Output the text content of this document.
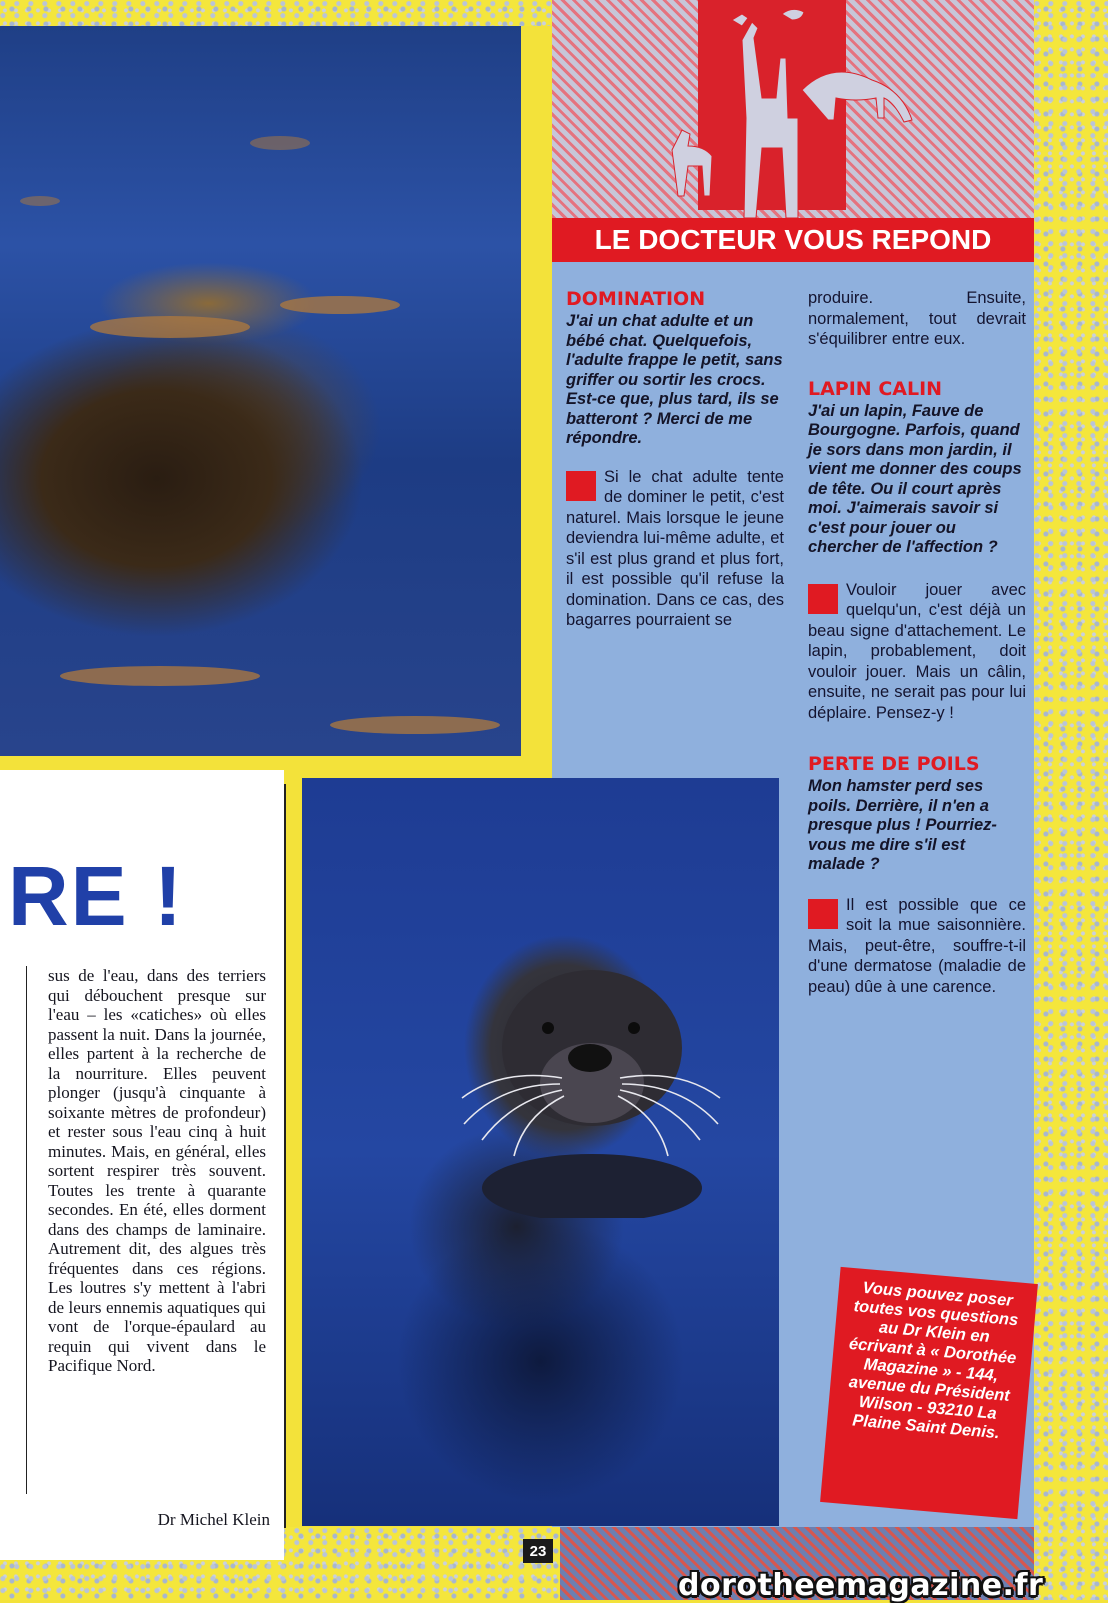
LE DOCTEUR VOUS REPOND

DOMINATION

J'ai un chat adulte et un bébé chat. Quelquefois, l'adulte frappe le petit, sans griffer ou sortir les crocs. Est-ce que, plus tard, ils se batteront ? Merci de me répondre.

Si le chat adulte tente de dominer le petit, c'est naturel. Mais lorsque le jeune deviendra lui-même adulte, et s'il est plus grand et plus fort, il est possible qu'il refuse la domination. Dans ce cas, des bagarres pourraient se

produire. Ensuite, normalement, tout devrait s'équilibrer entre eux.

LAPIN CALIN

J'ai un lapin, Fauve de Bourgogne. Parfois, quand je sors dans mon jardin, il vient me donner des coups de tête. Ou il court après moi. J'aimerais savoir si c'est pour jouer ou chercher de l'affection ?

Vouloir jouer avec quelqu'un, c'est déjà un beau signe d'attachement. Le lapin, probablement, doit vouloir jouer. Mais un câlin, ensuite, ne serait pas pour lui déplaire. Pensez-y !

PERTE DE POILS

Mon hamster perd ses poils. Derrière, il n'en a presque plus ! Pourriez-vous me dire s'il est malade ?

Il est possible que ce soit la mue saisonnière. Mais, peut-être, souffre-t-il d'une dermatose (maladie de peau) dûe à une carence.

Vous pouvez poser toutes vos questions au Dr Klein en écrivant à « Dorothée Magazine » - 144, avenue du Président Wilson - 93210 La Plaine Saint Denis.
RE !
sus de l'eau, dans des terriers qui débouchent presque sur l'eau – les «catiches» où elles passent la nuit. Dans la journée, elles partent à la recherche de la nourriture. Elles peuvent plonger (jusqu'à cinquante à soixante mètres de profondeur) et rester sous l'eau cinq à huit minutes. Mais, en général, elles sortent respirer très souvent. Toutes les trente à quarante secondes. En été, elles dorment dans des champs de laminaire. Autrement dit, des algues très fréquentes dans ces régions. Les loutres s'y mettent à l'abri de leurs ennemis aquatiques qui vont de l'orque-épaulard au requin qui vivent dans le Pacifique Nord.
Dr Michel Klein
23
dorotheemagazine.fr
